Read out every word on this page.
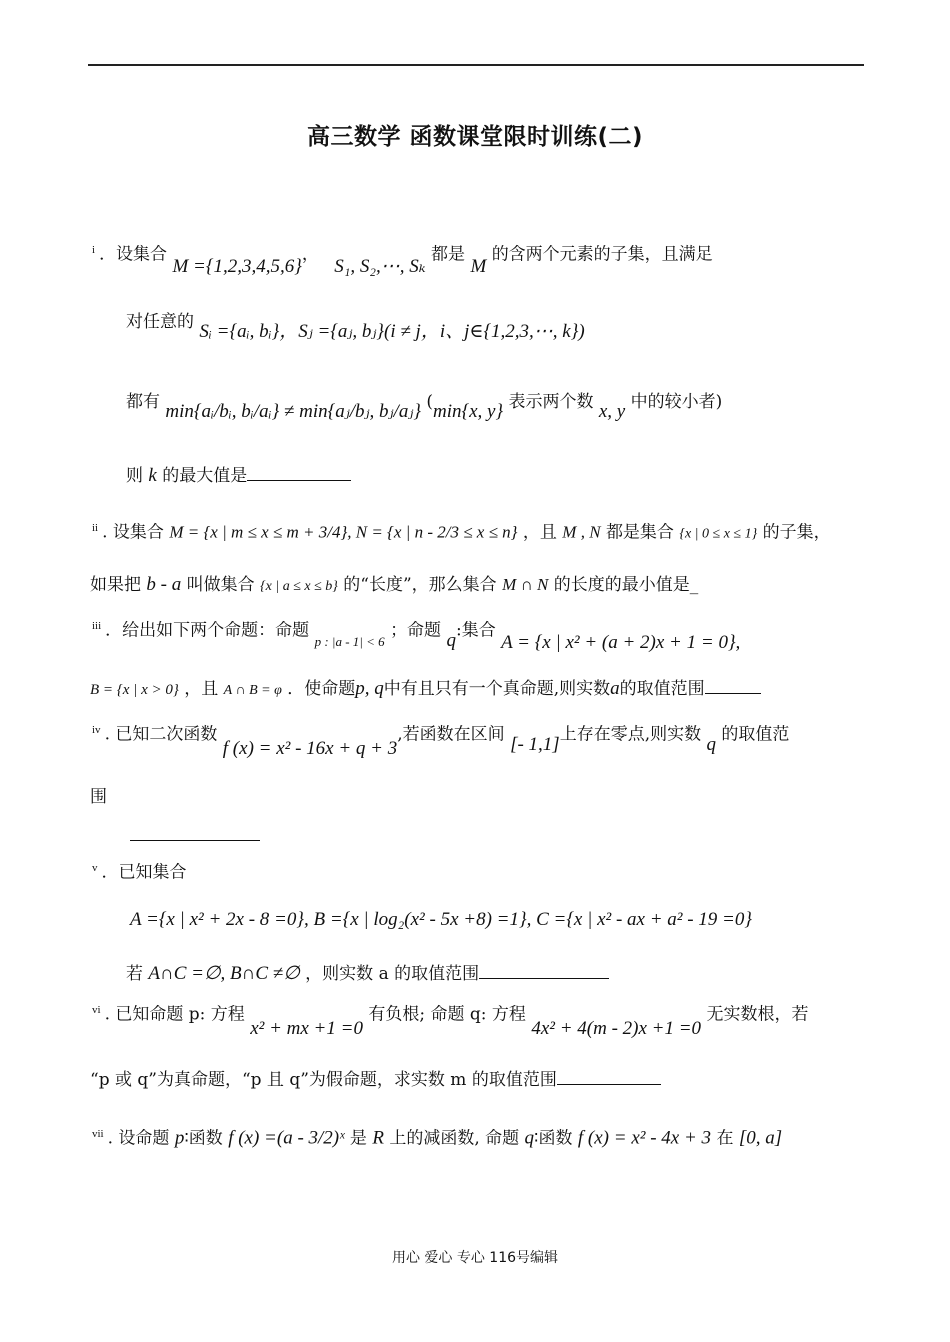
高三数学 函数课堂限时训练(二)
$^i$ ．设集合 M ={1,2,3,4,5,6}， S₁, S₂,⋯, Sₖ 都是 M 的含两个元素的子集，且满足
对任意的 Sᵢ ={aᵢ, bᵢ}，Sⱼ ={aⱼ, bⱼ}(i ≠ j，i、j∈{1,2,3,⋯, k})
都有 min{aᵢ/bᵢ, bᵢ/aᵢ} ≠ min{aⱼ/bⱼ, bⱼ/aⱼ} (min{x, y} 表示两个数 x, y 中的较小者)
则 k 的最大值是
$^{ii}$ . 设集合 M = {x | m ≤ x ≤ m + 3/4}, N = {x | n - 2/3 ≤ x ≤ n} ，且 M , N 都是集合 {x | 0 ≤ x ≤ 1} 的子集，
如果把 b - a 叫做集合 {x | a ≤ x ≤ b} 的“长度”，那么集合 M ∩ N 的长度的最小值是_
$^{iii}$ ．给出如下两个命题：命题 $_{p : |a - 1| < 6}$ ；命题 q:集合 A = {x | x² + (a + 2)x + 1 = 0},
B = {x | x > 0} ，且 A ∩ B = φ ．使命题p, q中有且只有一个真命题,则实数a的取值范围
$^{iv}$ . 已知二次函数 f (x) = x² - 16x + q + 3,若函数在区间 [- 1,1]上存在零点,则实数 q 的取值范
围
$^v$ ．已知集合
A ={x | x² + 2x - 8 =0}, B ={x | log₂(x² - 5x +8) =1}, C ={x | x² - ax + a² - 19 =0}
若 A∩C =∅, B∩C ≠∅ ，则实数 a 的取值范围
$^{vi}$ . 已知命题 p: 方程 x² + mx +1 =0 有负根; 命题 q: 方程 4x² + 4(m - 2)x +1 =0 无实数根，若
“p 或 q”为真命题，“p 且 q”为假命题，求实数 m 的取值范围
$^{vii}$ . 设命题 p∶函数 f (x) =(a - 3/2)ˣ 是 R 上的减函数, 命题 q∶函数 f (x) = x² - 4x + 3 在 [0, a]
用心 爱心 专心 116号编辑
